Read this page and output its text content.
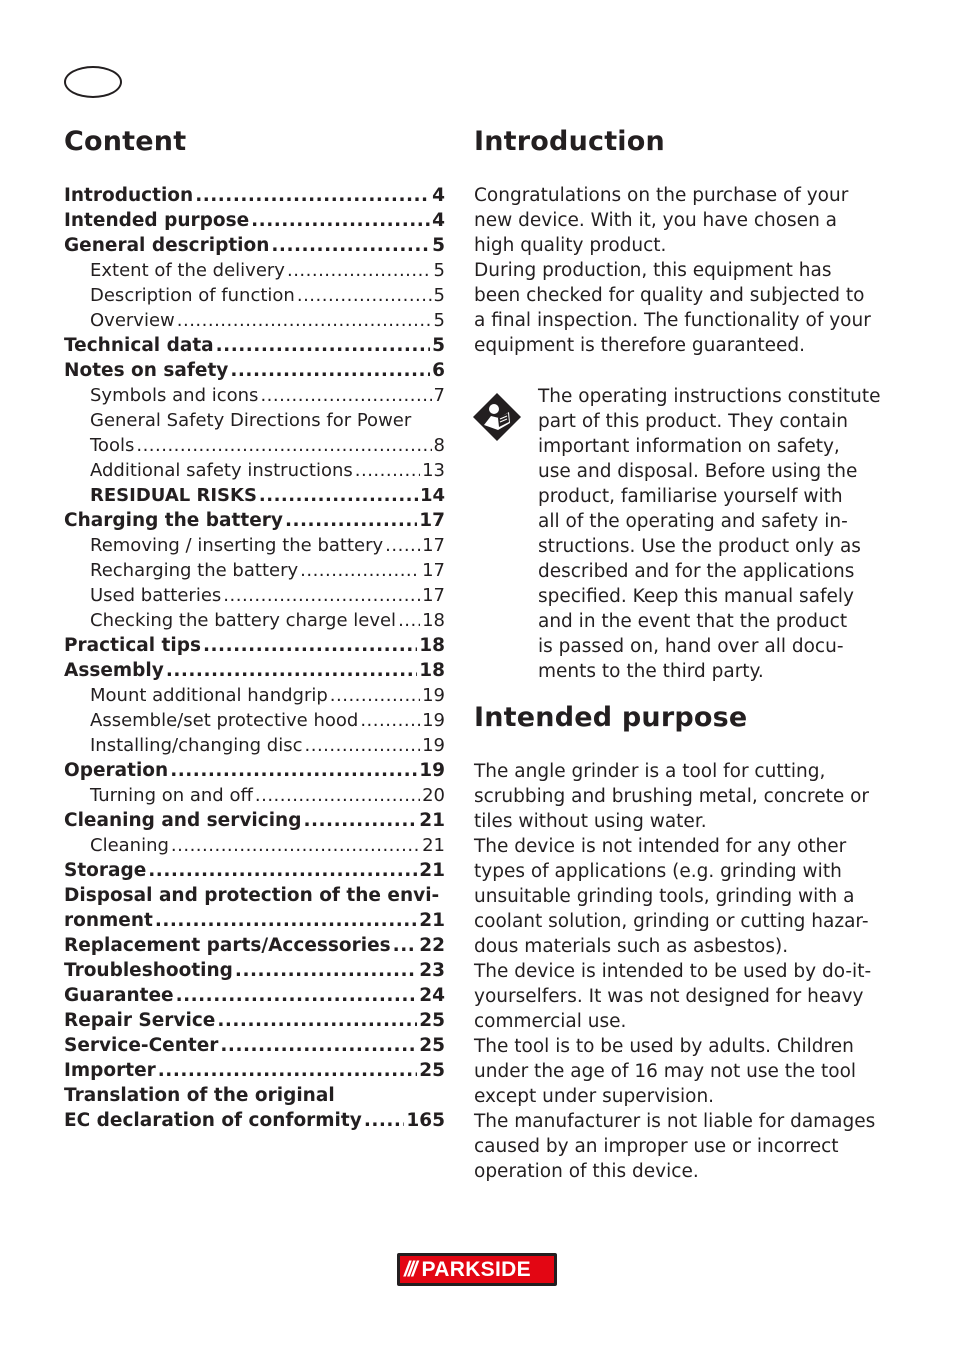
Content
Introduction .....	4
Intended purpose .....	4
General description .....	5
Extent of the delivery .....	5
Description of function .....	5
Overview .....	5
Technical data .....	5
Notes on safety .....	6
Symbols and icons .....	7
General Safety Directions for Power
Tools .....	8
Additional safety instructions .....	13
RESIDUAL RISKS .....	14
Charging the battery .....	17
Removing / inserting the battery ..... 17
Recharging the battery .....	17
Used batteries .....	17
Checking the battery charge level ..... 18
Practical tips .....	18
Assembly .....	18
Mount additional handgrip .....	19
Assemble/set protective hood .....	19
Installing/changing disc .....	19
Operation .....	19
Turning on and off .....	20
Cleaning and servicing .....	21
Cleaning .....	21
Storage .....	21
Disposal and protection of the envi-
ronment .....	21
Replacement parts/Accessories ..... 22
Troubleshooting .....	23
Guarantee .....	24
Repair Service .....	25
Service-Center .....	25
Importer .....	25
Translation of the original
EC declaration of conformity ..... 165
Introduction

Congratulations on the purchase of your
new device. With it, you have chosen a
high quality product.
During production, this equipment has
been checked for quality and subjected to
a final inspection. The functionality of your
equipment is therefore guaranteed.

The operating instructions constitute
part of this product. They contain
important information on safety,
use and disposal. Before using the
product, familiarise yourself with
all of the operating and safety in-
structions. Use the product only as
described and for the applications
specified. Keep this manual safely
and in the event that the product
is passed on, hand over all docu-
ments to the third party.

Intended purpose

The angle grinder is a tool for cutting,
scrubbing and brushing metal, concrete or
tiles without using water.
The device is not intended for any other
types of applications (e.g. grinding with
unsuitable grinding tools, grinding with a
coolant solution, grinding or cutting hazar-
dous materials such as asbestos).
The device is intended to be used by do-it-
yourselfers. It was not designed for heavy
commercial use.
The tool is to be used by adults. Children
under the age of 16 may not use the tool
except under supervision.
The manufacturer is not liable for damages
caused by an improper use or incorrect
operation of this device.

/// PARKSIDE
